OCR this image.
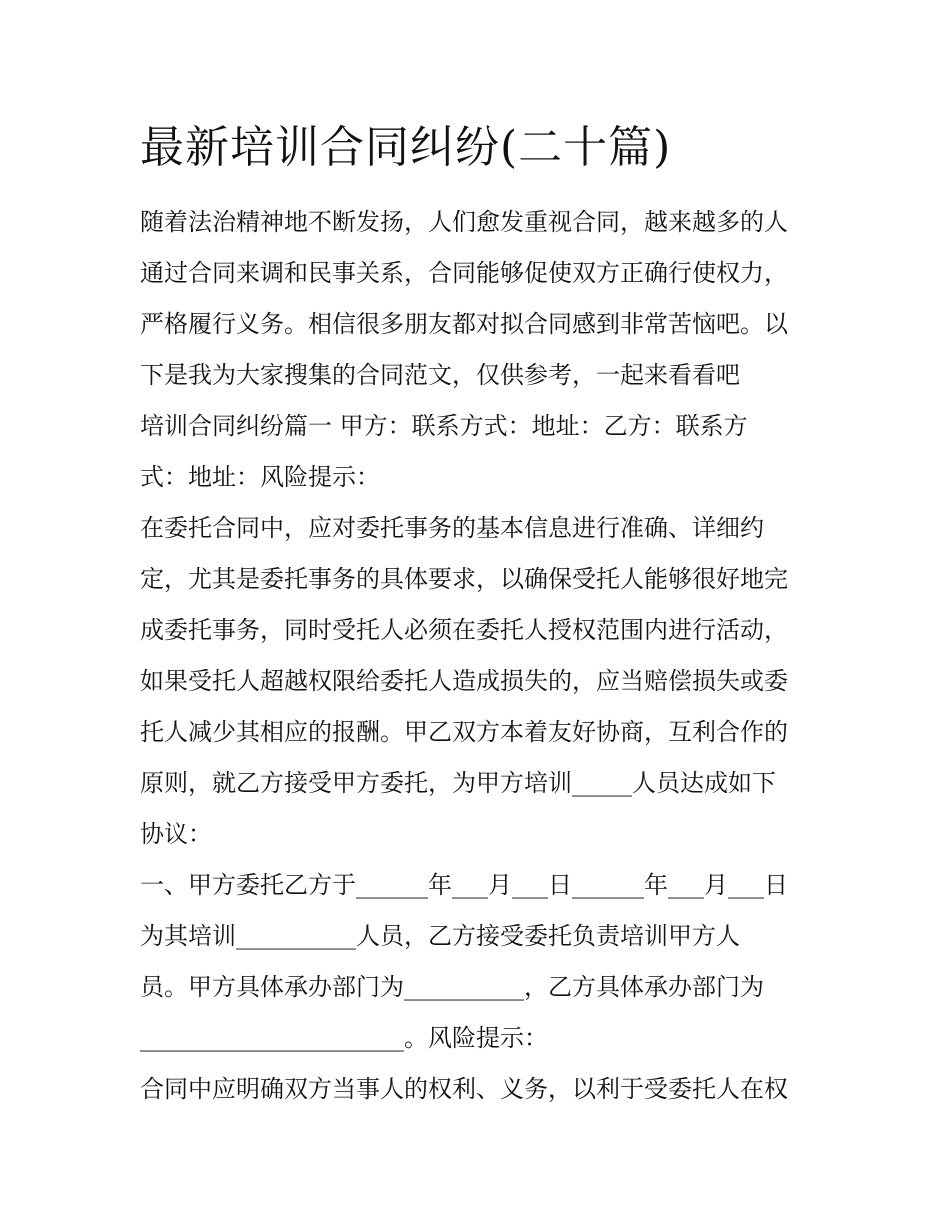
最新培训合同纠纷(二十篇)

随着法治精神地不断发扬，人们愈发重视合同，越来越多的人

通过合同来调和民事关系，合同能够促使双方正确行使权力，

严格履行义务。相信很多朋友都对拟合同感到非常苦恼吧。以

下是我为大家搜集的合同范文，仅供参考，一起来看看吧

培训合同纠纷篇一 甲方：联系方式：地址：乙方：联系方

式：地址：风险提示：

在委托合同中，应对委托事务的基本信息进行准确、详细约

定，尤其是委托事务的具体要求，以确保受托人能够很好地完

成委托事务，同时受托人必须在委托人授权范围内进行活动，

如果受托人超越权限给委托人造成损失的，应当赔偿损失或委

托人减少其相应的报酬。甲乙双方本着友好协商，互利合作的

原则，就乙方接受甲方委托，为甲方培训_____人员达成如下

协议：

一、甲方委托乙方于______年___月___日______年___月___日

为其培训__________人员，乙方接受委托负责培训甲方人

员。甲方具体承办部门为__________，乙方具体承办部门为

______________________。风险提示：

合同中应明确双方当事人的权利、义务，以利于受委托人在权
